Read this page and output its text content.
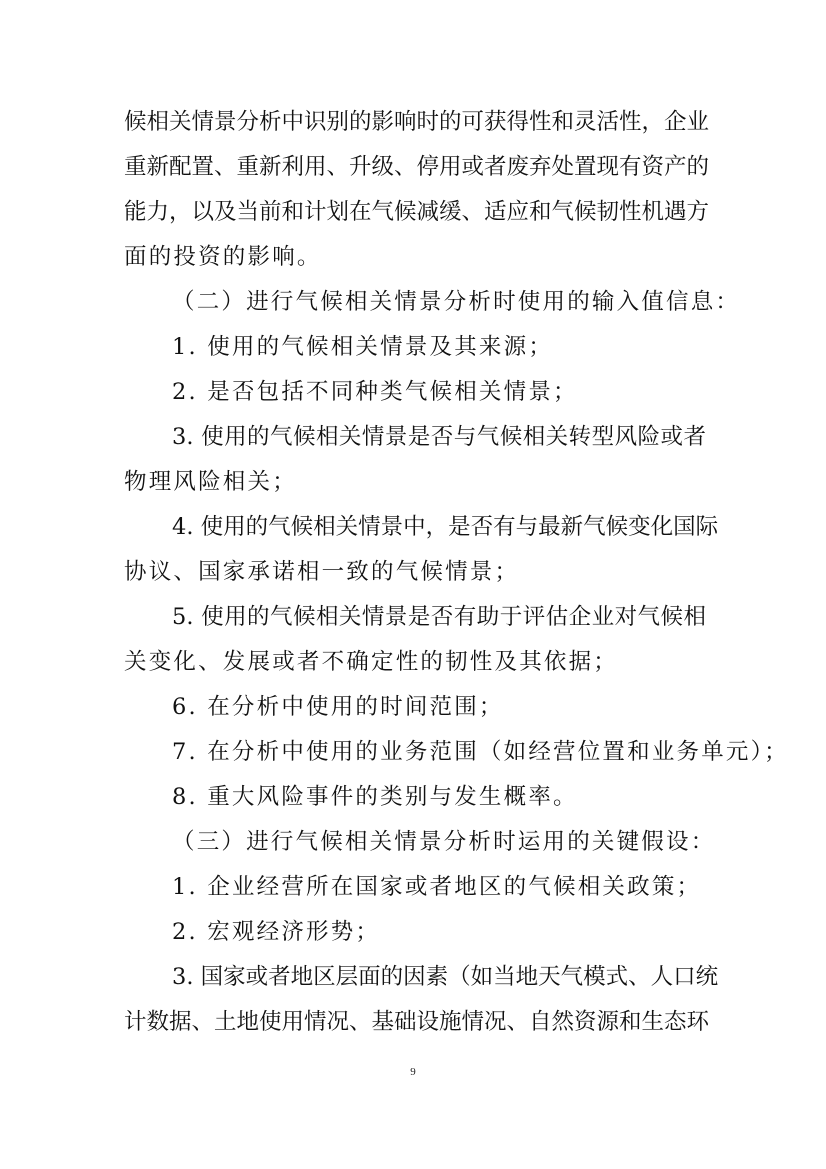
候相关情景分析中识别的影响时的可获得性和灵活性，企业
重新配置、重新利用、升级、停用或者废弃处置现有资产的
能力，以及当前和计划在气候减缓、适应和气候韧性机遇方
面的投资的影响。
（二）进行气候相关情景分析时使用的输入值信息：
1. 使用的气候相关情景及其来源；
2. 是否包括不同种类气候相关情景；
3. 使用的气候相关情景是否与气候相关转型风险或者
物理风险相关；
4. 使用的气候相关情景中，是否有与最新气候变化国际
协议、国家承诺相一致的气候情景；
5. 使用的气候相关情景是否有助于评估企业对气候相
关变化、发展或者不确定性的韧性及其依据；
6. 在分析中使用的时间范围；
7. 在分析中使用的业务范围（如经营位置和业务单元）；
8. 重大风险事件的类别与发生概率。
（三）进行气候相关情景分析时运用的关键假设：
1. 企业经营所在国家或者地区的气候相关政策；
2. 宏观经济形势；
3. 国家或者地区层面的因素（如当地天气模式、人口统
计数据、土地使用情况、基础设施情况、自然资源和生态环
9
